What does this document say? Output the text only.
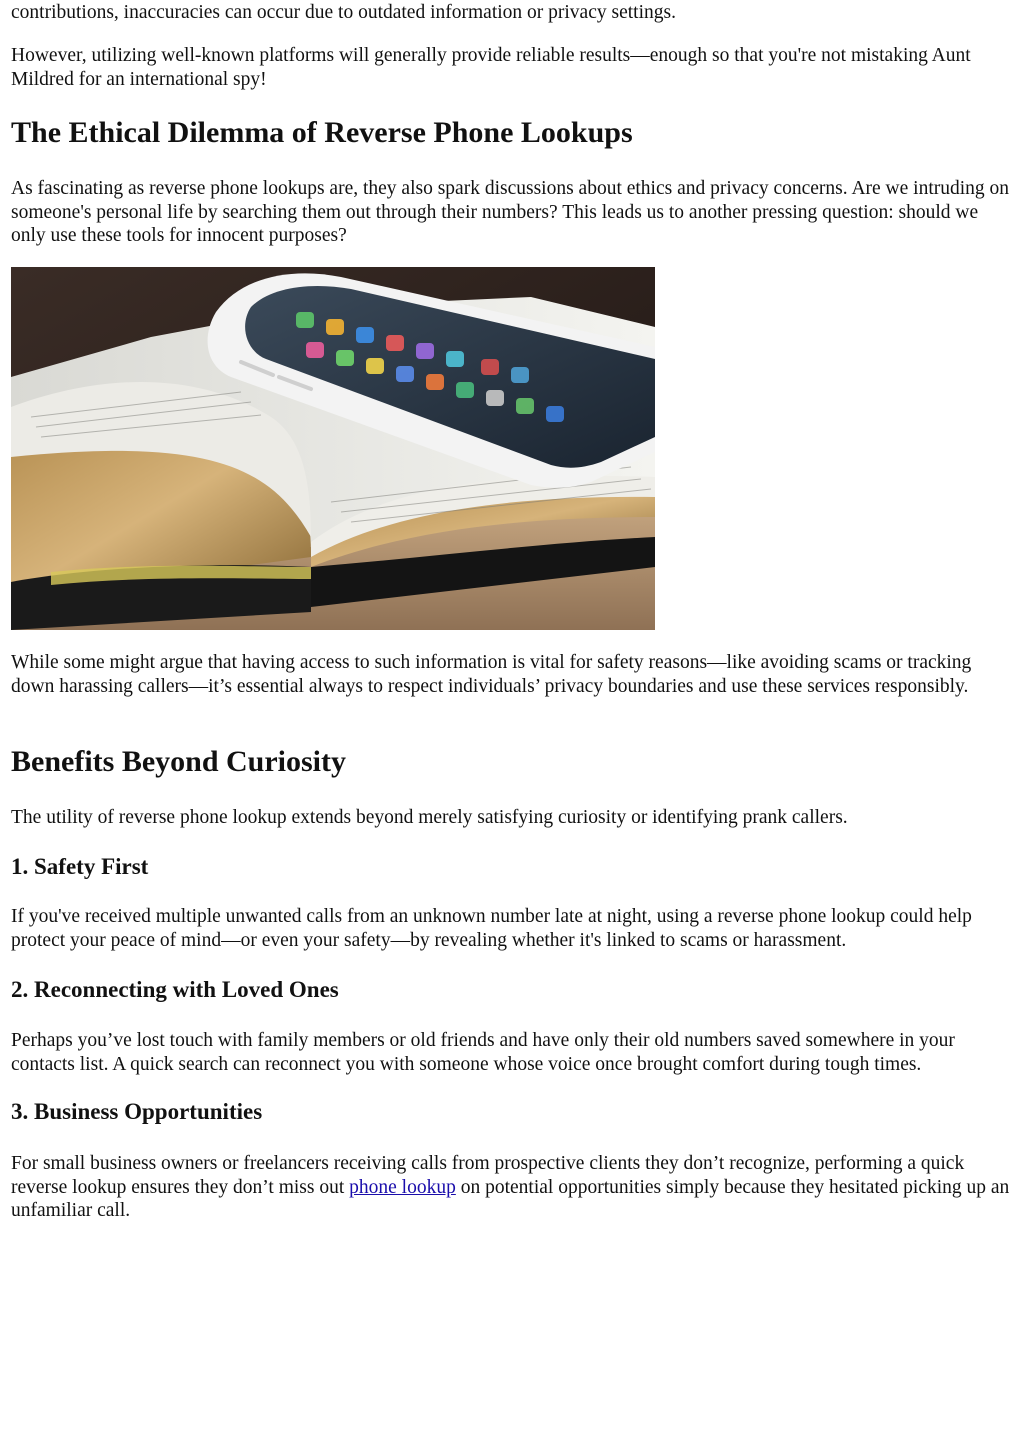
contributions, inaccuracies can occur due to outdated information or privacy settings.

However, utilizing well-known platforms will generally provide reliable results—enough so that you're not mistaking Aunt Mildred for an international spy!

The Ethical Dilemma of Reverse Phone Lookups

As fascinating as reverse phone lookups are, they also spark discussions about ethics and privacy concerns. Are we intruding on someone's personal life by searching them out through their numbers? This leads us to another pressing question: should we only use these tools for innocent purposes?

While some might argue that having access to such information is vital for safety reasons—like avoiding scams or tracking down harassing callers—it’s essential always to respect individuals’ privacy boundaries and use these services responsibly.

Benefits Beyond Curiosity

The utility of reverse phone lookup extends beyond merely satisfying curiosity or identifying prank callers.

1. Safety First

If you've received multiple unwanted calls from an unknown number late at night, using a reverse phone lookup could help protect your peace of mind—or even your safety—by revealing whether it's linked to scams or harassment.

2. Reconnecting with Loved Ones

Perhaps you’ve lost touch with family members or old friends and have only their old numbers saved somewhere in your contacts list. A quick search can reconnect you with someone whose voice once brought comfort during tough times.

3. Business Opportunities

For small business owners or freelancers receiving calls from prospective clients they don’t recognize, performing a quick reverse lookup ensures they don’t miss out phone lookup on potential opportunities simply because they hesitated picking up an unfamiliar call.
